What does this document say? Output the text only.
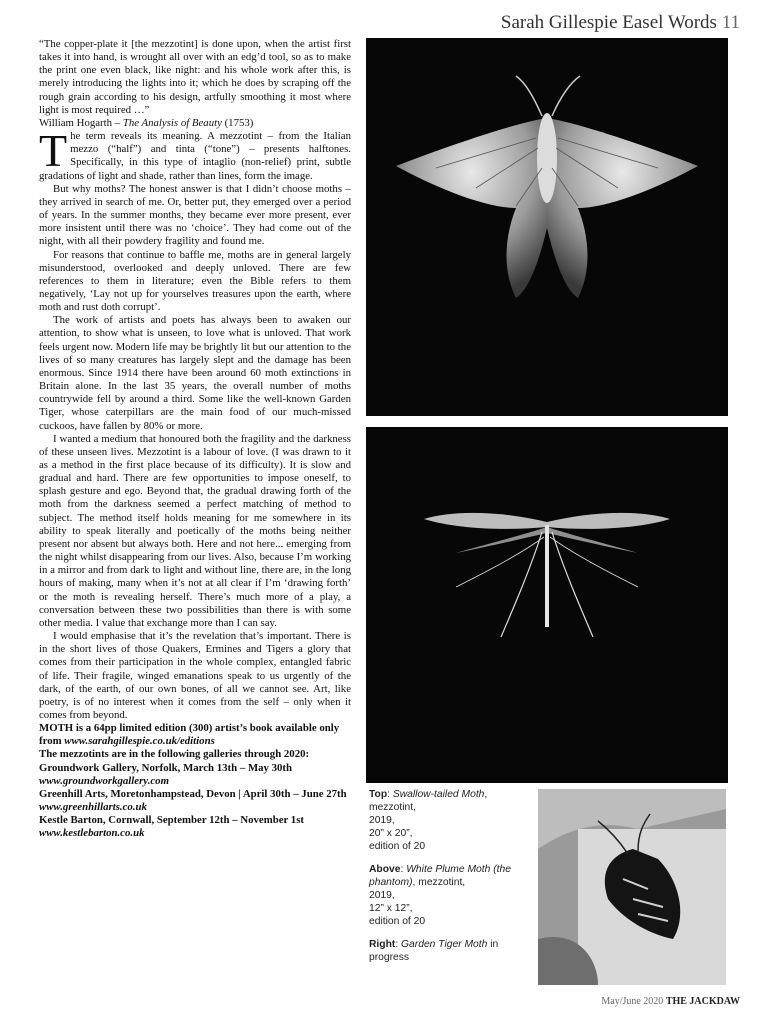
Sarah Gillespie Easel Words 11

“The copper-plate it [the mezzotint] is done upon, when the artist first takes it into hand, is wrought all over with an edg’d tool, so as to make the print one even black, like night: and his whole work after this, is merely introducing the lights into it; which he does by scraping off the rough grain according to his design, artfully smoothing it most where light is most required …”

William Hogarth – The Analysis of Beauty (1753)

The term reveals its meaning. A mezzotint – from the Italian mezzo (“half”) and tinta (“tone”) – presents halftones. Specifically, in this type of intaglio (non-relief) print, subtle gradations of light and shade, rather than lines, form the image.

But why moths? The honest answer is that I didn’t choose moths – they arrived in search of me. Or, better put, they emerged over a period of years. In the summer months, they became ever more present, ever more insistent until there was no ‘choice’. They had come out of the night, with all their powdery fragility and found me.

For reasons that continue to baffle me, moths are in general largely misunderstood, overlooked and deeply unloved. There are few references to them in literature; even the Bible refers to them negatively, ‘Lay not up for yourselves treasures upon the earth, where moth and rust doth corrupt’.

The work of artists and poets has always been to awaken our attention, to show what is unseen, to love what is unloved. That work feels urgent now. Modern life may be brightly lit but our attention to the lives of so many creatures has largely slept and the damage has been enormous. Since 1914 there have been around 60 moth extinctions in Britain alone. In the last 35 years, the overall number of moths countrywide fell by around a third. Some like the well-known Garden Tiger, whose caterpillars are the main food of our much-missed cuckoos, have fallen by 80% or more.

I wanted a medium that honoured both the fragility and the darkness of these unseen lives. Mezzotint is a labour of love. (I was drawn to it as a method in the first place because of its difficulty). It is slow and gradual and hard. There are few opportunities to impose oneself, to splash gesture and ego. Beyond that, the gradual drawing forth of the moth from the darkness seemed a perfect matching of method to subject. The method itself holds meaning for me somewhere in its ability to speak literally and poetically of the moths being neither present nor absent but always both. Here and not here... emerging from the night whilst disappearing from our lives. Also, because I’m working in a mirror and from dark to light and without line, there are, in the long hours of making, many when it’s not at all clear if I’m ‘drawing forth’ or the moth is revealing herself. There’s much more of a play, a conversation between these two possibilities than there is with some other media. I value that exchange more than I can say.

I would emphasise that it’s the revelation that’s important. There is in the short lives of those Quakers, Ermines and Tigers a glory that comes from their participation in the whole complex, entangled fabric of life. Their fragile, winged emanations speak to us urgently of the dark, of the earth, of our own bones, of all we cannot see. Art, like poetry, is of no interest when it comes from the self – only when it comes from beyond.

MOTH is a 64pp limited edition (300) artist’s book available only from www.sarahgillespie.co.uk/editions

The mezzotints are in the following galleries through 2020:

Groundwork Gallery, Norfolk, March 13th – May 30th

www.groundworkgallery.com

Greenhill Arts, Moretonhampstead, Devon | April 30th – June 27th www.greenhillarts.co.uk

Kestle Barton, Cornwall, September 12th – November 1st

www.kestlebarton.co.uk

Top: Swallow-tailed Moth,
mezzotint,
2019,
20” x 20”,
edition of 20

Above: White Plume Moth (the phantom), mezzotint,
2019,
12” x 12”,
edition of 20

Right: Garden Tiger Moth in progress

May/June 2020 THE JACKDAW
